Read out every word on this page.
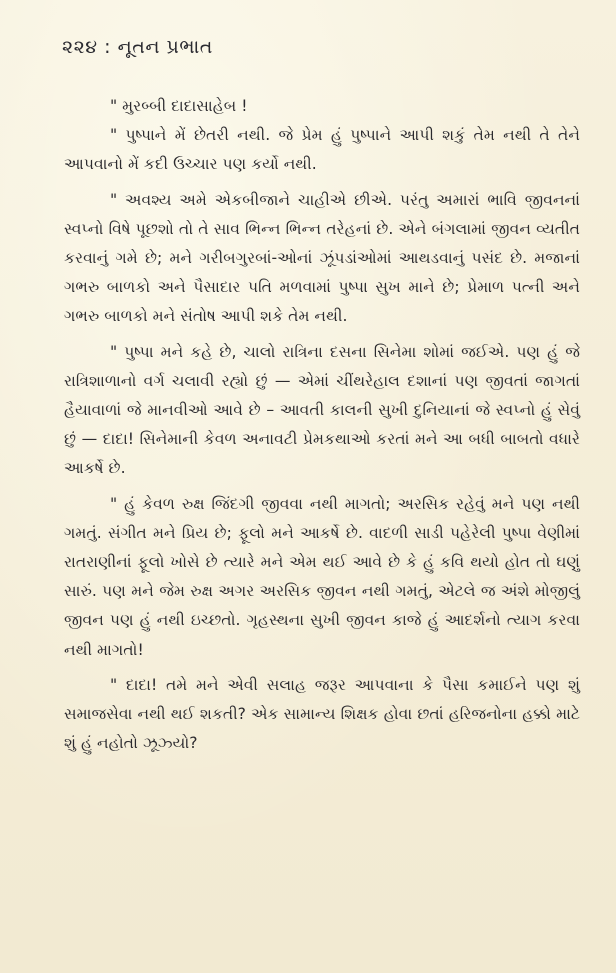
૨૨૪ : નૂતન પ્રભાત

" મુરબ્બી દાદાસાહેબ !

" પુષ્પાને મેં છેતરી નથી. જે પ્રેમ હું પુષ્પાને આપી શકું તેમ નથી તે તેને આપવાનો મેં કદી ઉચ્ચાર પણ કર્યો નથી.

" અવશ્ય અમે એકબીજાને ચાહીએ છીએ. પરંતુ અમારાં ભાવિ જીવનનાં સ્વપ્નો વિષે પૂછશો તો તે સાવ ભિન્ન ભિન્ન તરેહનાં છે. એને બંગલામાં જીવન વ્યતીત કરવાનું ગમે છે; મને ગરીબગુરબાં-ઓનાં ઝૂંપડાંઓમાં આથડવાનું પસંદ છે. મજાનાં ગભરુ બાળકો અને પૈસાદાર પતિ મળવામાં પુષ્પા સુખ માને છે; પ્રેમાળ પત્ની અને ગભરુ બાળકો મને સંતોષ આપી શકે તેમ નથી.

" પુષ્પા મને કહે છે, ચાલો રાત્રિના દસના સિનેમા શોમાં જઈએ. પણ હું જે રાત્રિશાળાનો વર્ગ ચલાવી રહ્યો છું — એમાં ચીંથરેહાલ દશાનાં પણ જીવતાં જાગતાં હૈયાવાળાં જે માનવીઓ આવે છે – આવતી કાલની સુખી દુનિયાનાં જે સ્વપ્નો હું સેવું છું — દાદા! સિનેમાની કેવળ અનાવટી પ્રેમકથાઓ કરતાં મને આ બધી બાબતો વધારે આકર્ષે છે.

" હું કેવળ રુક્ષ જિંદગી જીવવા નથી માગતો; અરસિક રહેવું મને પણ નથી ગમતું. સંગીત મને પ્રિય છે; ફૂલો મને આકર્ષે છે. વાદળી સાડી પહેરેલી પુષ્પા વેણીમાં રાતરાણીનાં ફૂલો ખોસે છે ત્યારે મને એમ થઈ આવે છે કે હું કવિ થયો હોત તો ઘણું સારું. પણ મને જેમ રુક્ષ અગર અરસિક જીવન નથી ગમતું, એટલે જ અંશે મોજીલું જીવન પણ હું નથી ઇચ્છતો. ગૃહસ્થના સુખી જીવન કાજે હું આદર્શનો ત્યાગ કરવા નથી માગતો!

" દાદા! તમે મને એવી સલાહ જરૂર આપવાના કે પૈસા કમાઈને પણ શું સમાજસેવા નથી થઈ શકતી? એક સામાન્ય શિક્ષક હોવા છતાં હરિજનોના હક્કો માટે શું હું નહોતો ઝૂઝ્યો?
